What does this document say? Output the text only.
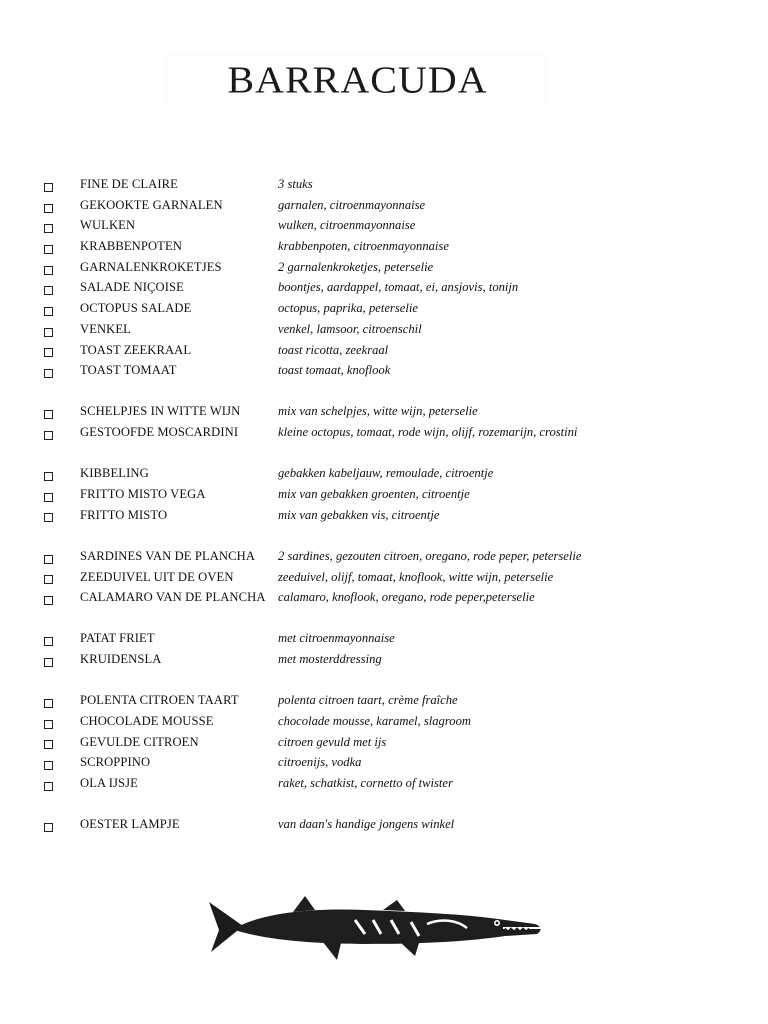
BARRACUDA
FINE DE CLAIRE	3 stuks
GEKOOKTE GARNALEN	garnalen, citroenmayonnaise
WULKEN	wulken, citroenmayonnaise
KRABBENPOTEN	krabbenpoten, citroenmayonnaise
GARNALENKROKETJES	2 garnalenkroketjes, peterselie
SALADE NIÇOISE	boontjes, aardappel, tomaat, ei, ansjovis, tonijn
OCTOPUS SALADE	octopus, paprika, peterselie
VENKEL	venkel, lamsoor, citroenschil
TOAST ZEEKRAAL	toast ricotta, zeekraal
TOAST TOMAAT	toast tomaat, knoflook
SCHELPJES IN WITTE WIJN	mix van schelpjes, witte wijn, peterselie
GESTOOFDE MOSCARDINI	kleine octopus, tomaat, rode wijn, olijf, rozemarijn, crostini
KIBBELING	gebakken kabeljauw, remoulade, citroentje
FRITTO MISTO VEGA	mix van gebakken groenten, citroentje
FRITTO MISTO	mix van gebakken vis, citroentje
SARDINES VAN DE PLANCHA 2 sardines, gezouten citroen, oregano, rode peper, peterselie
ZEEDUIVEL UIT DE OVEN	zeeduivel, olijf, tomaat, knoflook, witte wijn, peterselie
CALAMARO VAN DE PLANCHA calamaro, knoflook, oregano, rode peper,peterselie
PATAT FRIET	met citroenmayonnaise
KRUIDENSLA	met mosterddressing
POLENTA CITROEN TAART	polenta citroen taart, crème fraîche
CHOCOLADE MOUSSE	chocolade mousse, karamel, slagroom
GEVULDE CITROEN	citroen gevuld met ijs
SCROPPINO	citroenijs, vodka
OLA IJSJE	raket, schatkist, cornetto of twister
OESTER LAMPJE	van daan's handige jongens winkel
